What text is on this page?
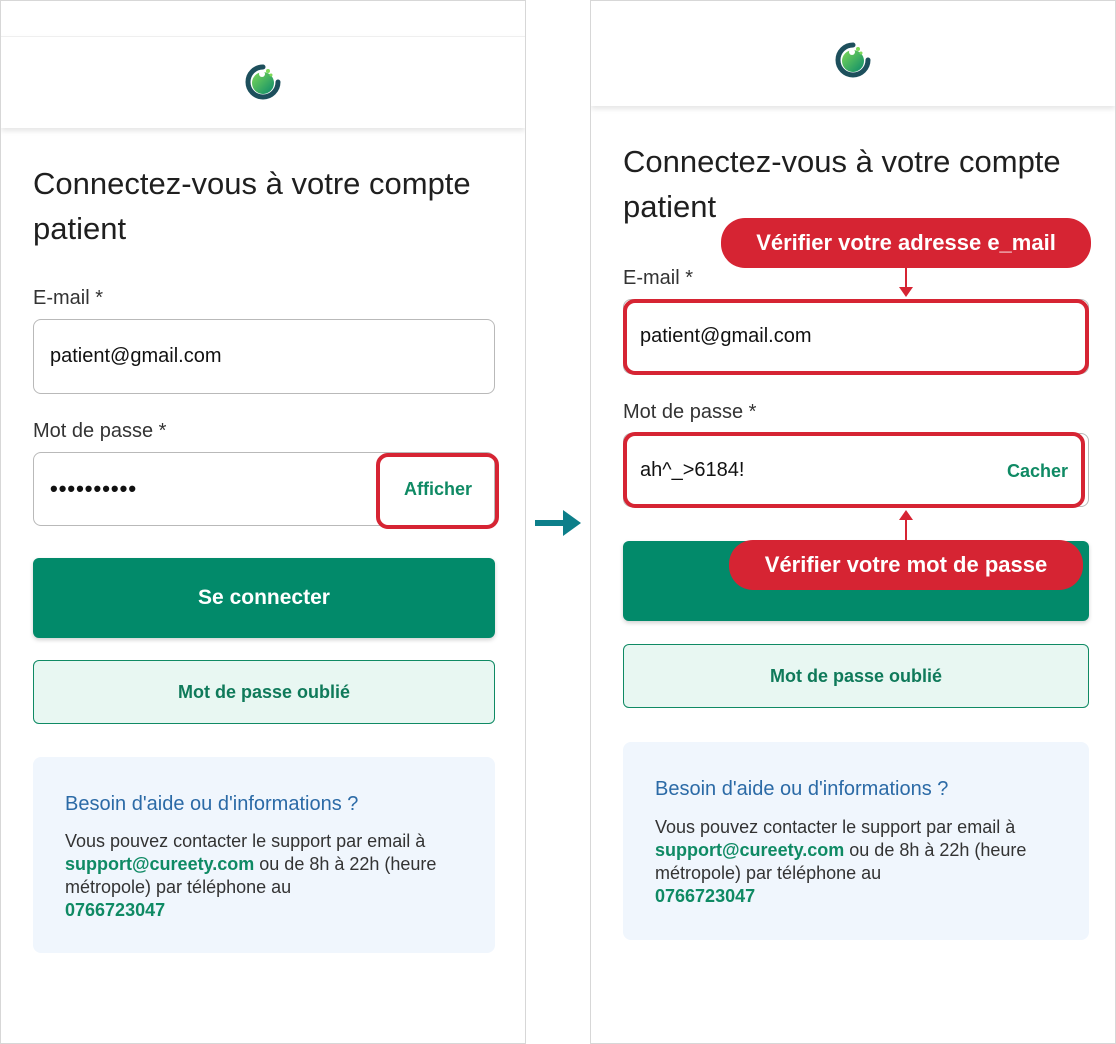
Connectez-vous à votre compte patient
E-mail *
patient@gmail.com
Mot de passe *
••••••••••	Afficher
Se connecter
Mot de passe oublié
Besoin d'aide ou d'informations ?
Vous pouvez contacter le support par email à support@cureety.com ou de 8h à 22h (heure métropole) par téléphone au
0766723047
Connectez-vous à votre compte patient
E-mail *
patient@gmail.com
Mot de passe *
ah^_>6184!	Cacher
Mot de passe oublié
Besoin d'aide ou d'informations ?
Vous pouvez contacter le support par email à support@cureety.com ou de 8h à 22h (heure métropole) par téléphone au
0766723047
Vérifier votre adresse e_mail
Vérifier votre mot de passe
